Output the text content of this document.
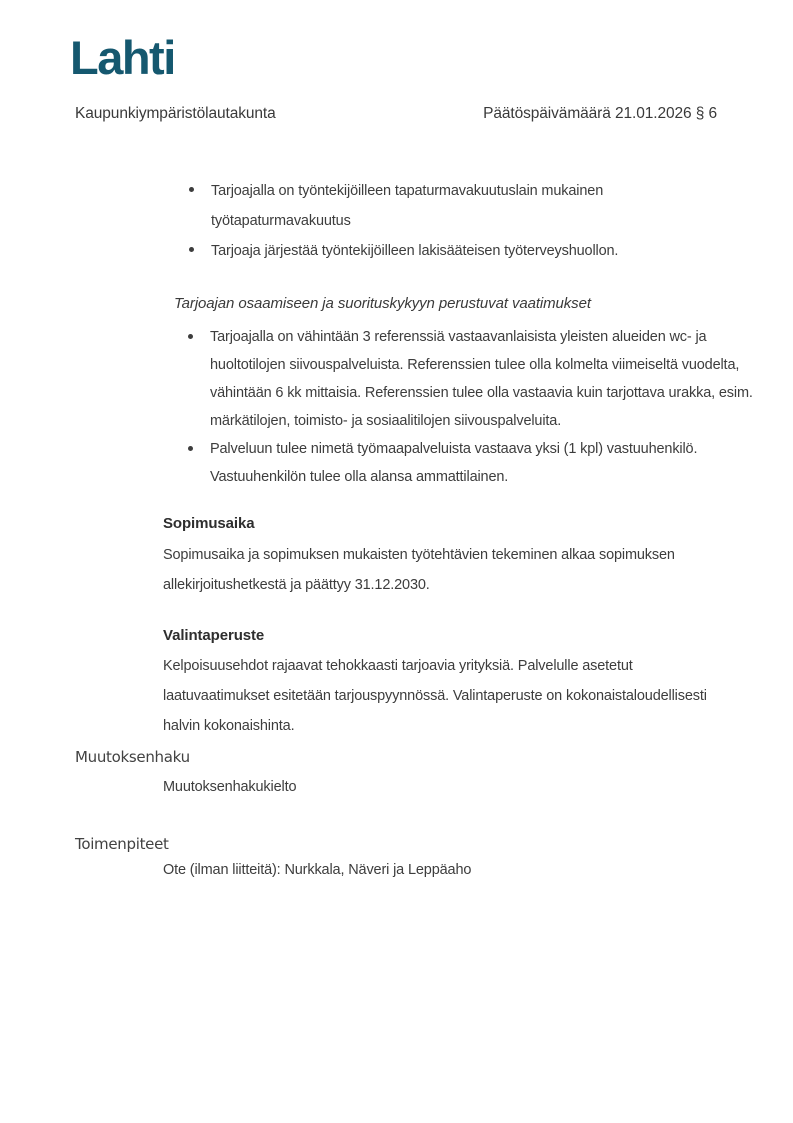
Lahti
Kaupunkiympäristölautakunta	Päätöspäivämäärä 21.01.2026 § 6
Tarjoajalla on työntekijöilleen tapaturmavakuutuslain mukainen työtapaturmavakuutus
Tarjoaja järjestää työntekijöilleen lakisääteisen työterveyshuollon.
Tarjoajan osaamiseen ja suorituskykyyn perustuvat vaatimukset
Tarjoajalla on vähintään 3 referenssiä vastaavanlaisista yleisten alueiden wc- ja huoltotilojen siivouspalveluista. Referenssien tulee olla kolmelta viimeiseltä vuodelta, vähintään 6 kk mittaisia. Referenssien tulee olla vastaavia kuin tarjottava urakka, esim. märkätilojen, toimisto- ja sosiaalitilojen siivouspalveluita.
Palveluun tulee nimetä työmaapalveluista vastaava yksi (1 kpl) vastuuhenkilö. Vastuuhenkilön tulee olla alansa ammattilainen.
Sopimusaika
Sopimusaika ja sopimuksen mukaisten työtehtävien tekeminen alkaa sopimuksen allekirjoitushetkestä ja päättyy 31.12.2030.
Valintaperuste
Kelpoisuusehdot rajaavat tehokkaasti tarjoavia yrityksiä. Palvelulle asetetut laatuvaatimukset esitetään tarjouspyynnössä. Valintaperuste on kokonaistaloudellisesti halvin kokonaishinta.
Muutoksenhaku
Muutoksenhakukielto
Toimenpiteet
Ote (ilman liitteitä): Nurkkala, Näveri ja Leppäaho
